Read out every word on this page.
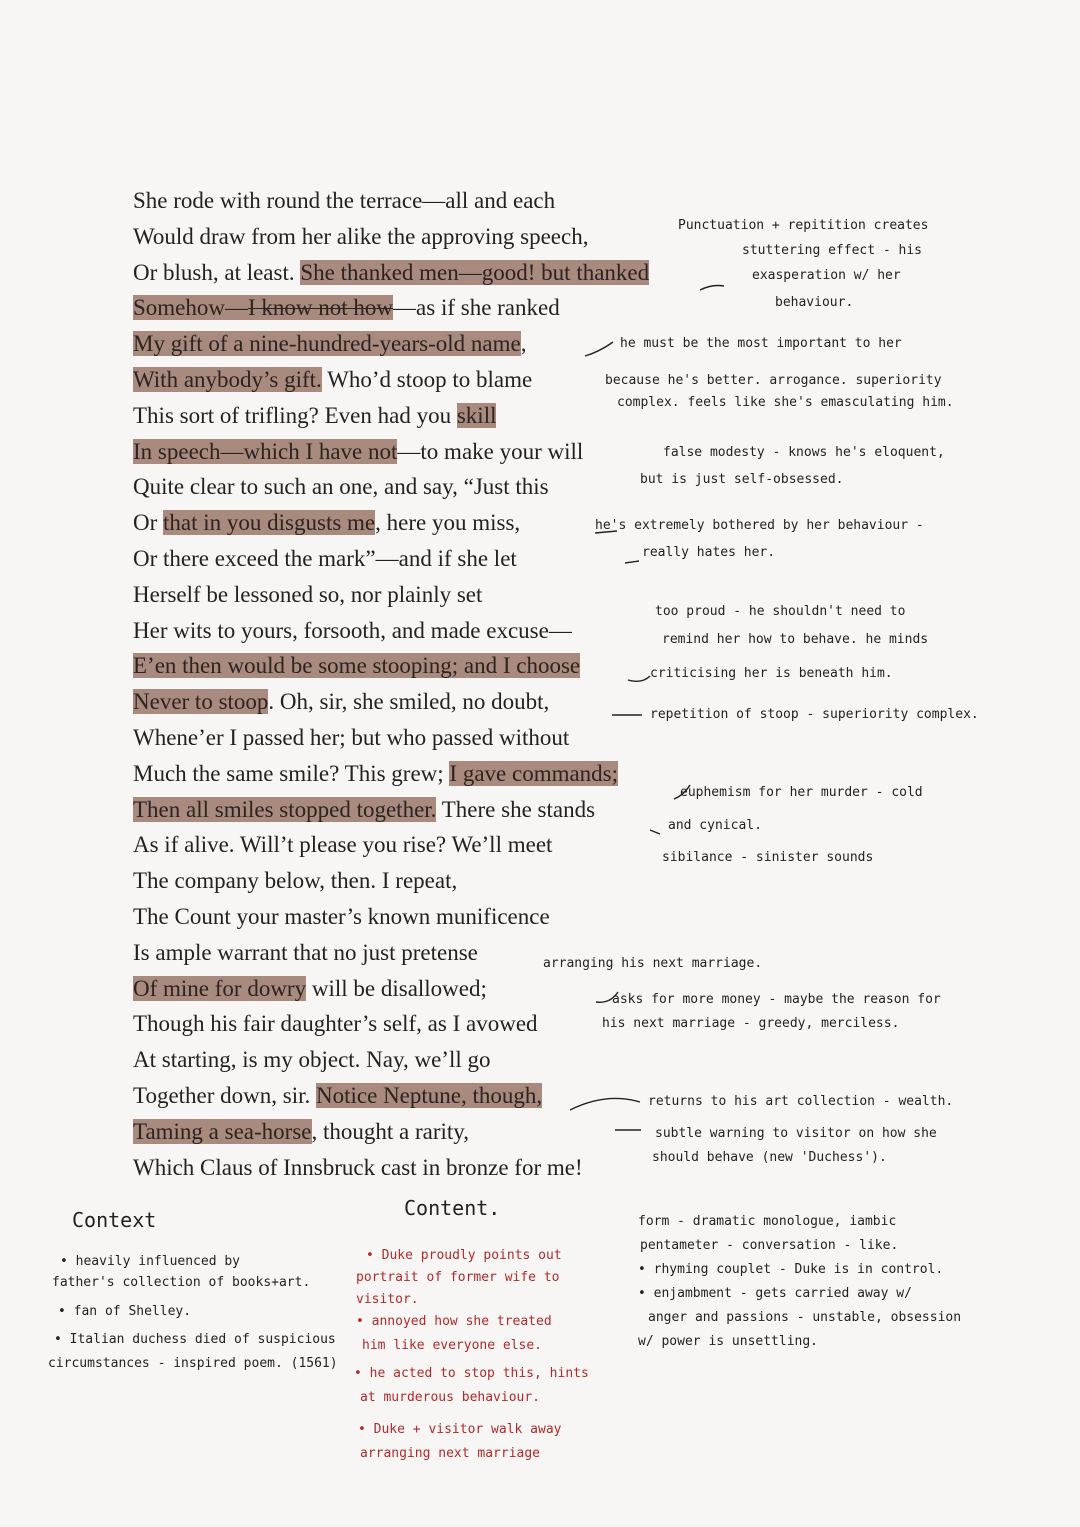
She rode with round the terrace—all and each
Would draw from her alike the approving speech,
Or blush, at least. She thanked men—good! but thanked
Somehow—I know not how—as if she ranked
My gift of a nine-hundred-years-old name,
With anybody’s gift. Who’d stoop to blame
This sort of trifling? Even had you skill
In speech—which I have not—to make your will
Quite clear to such an one, and say, “Just this
Or that in you disgusts me, here you miss,
Or there exceed the mark”—and if she let
Herself be lessoned so, nor plainly set
Her wits to yours, forsooth, and made excuse—
E’en then would be some stooping; and I choose
Never to stoop. Oh, sir, she smiled, no doubt,
Whene’er I passed her; but who passed without
Much the same smile? This grew; I gave commands;
Then all smiles stopped together. There she stands
As if alive. Will’t please you rise? We’ll meet
The company below, then. I repeat,
The Count your master’s known munificence
Is ample warrant that no just pretense
Of mine for dowry will be disallowed;
Though his fair daughter’s self, as I avowed
At starting, is my object. Nay, we’ll go
Together down, sir. Notice Neptune, though,
Taming a sea-horse, thought a rarity,
Which Claus of Innsbruck cast in bronze for me!
Punctuation + repitition creates
stuttering effect - his
exasperation w/ her
behaviour.
he must be the most important to her
because he's better. arrogance. superiority
complex. feels like she's emasculating him.
false modesty - knows he's eloquent,
but is just self-obsessed.
he's extremely bothered by her behaviour -
really hates her.
too proud - he shouldn't need to
remind her how to behave. he minds
criticising her is beneath him.
repetition of stoop - superiority complex.
euphemism for her murder - cold
and cynical.
sibilance - sinister sounds
arranging his next marriage.
asks for more money - maybe the reason for
his next marriage - greedy, merciless.
returns to his art collection - wealth.
subtle warning to visitor on how she
should behave (new 'Duchess').
Context
• heavily influenced by
father's collection of books+art.
• fan of Shelley.
• Italian duchess died of suspicious
circumstances - inspired poem. (1561)
Content.
• Duke proudly points out
portrait of former wife to
visitor.
• annoyed how she treated
him like everyone else.
• he acted to stop this, hints
at murderous behaviour.
• Duke + visitor walk away
arranging next marriage
form - dramatic monologue, iambic
pentameter - conversation - like.
• rhyming couplet - Duke is in control.
• enjambment - gets carried away w/
anger and passions - unstable, obsession
w/ power is unsettling.
